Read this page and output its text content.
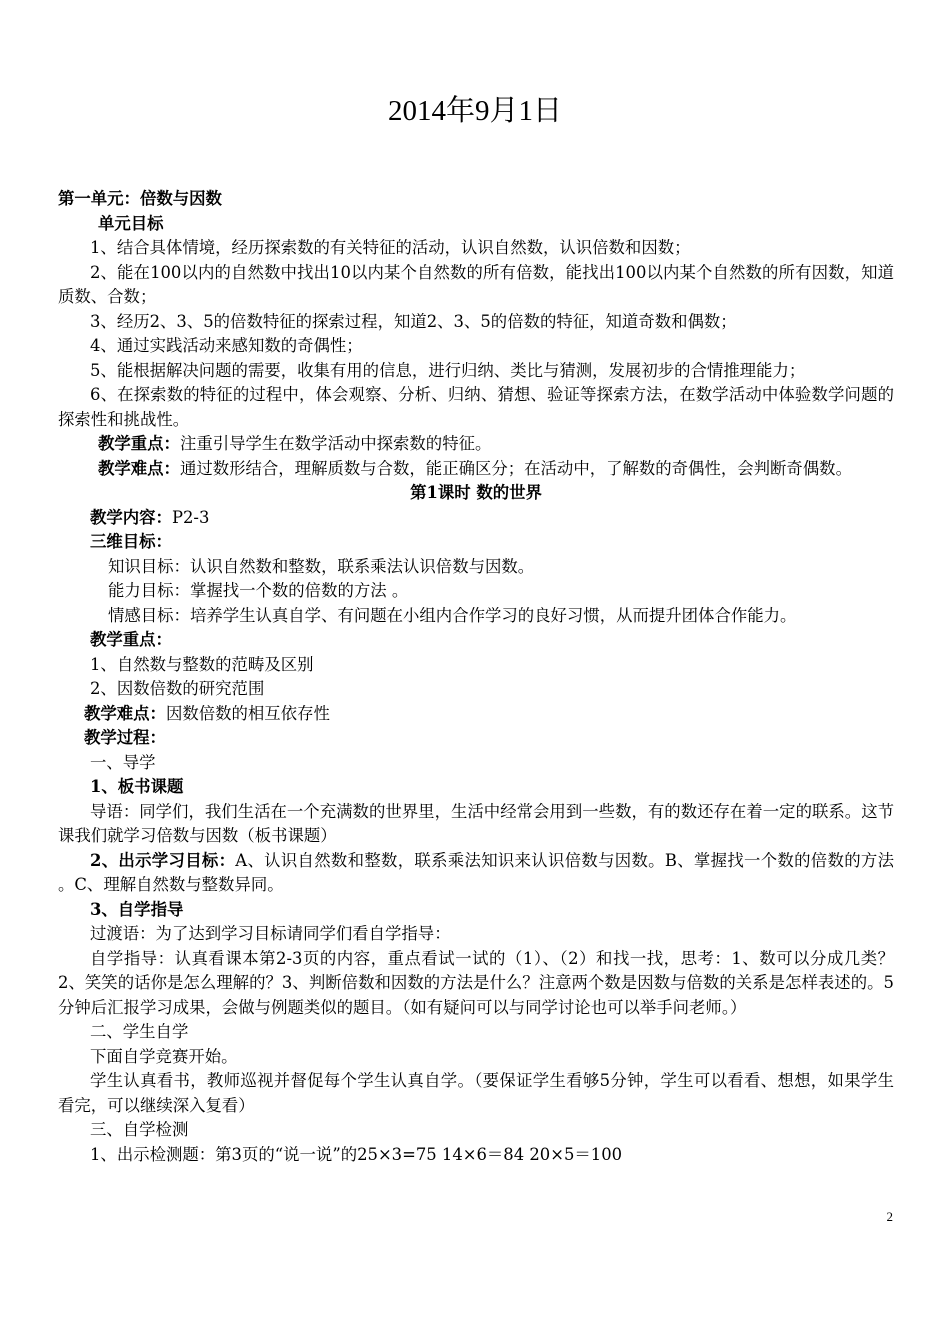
2014年9月1日
第一单元：倍数与因数
单元目标
1、结合具体情境，经历探索数的有关特征的活动，认识自然数，认识倍数和因数；
2、能在100以内的自然数中找出10以内某个自然数的所有倍数，能找出100以内某个自然数的所有因数，知道质数、合数；
3、经历2、3、5的倍数特征的探索过程，知道2、3、5的倍数的特征，知道奇数和偶数；
4、通过实践活动来感知数的奇偶性；
5、能根据解决问题的需要，收集有用的信息，进行归纳、类比与猜测，发展初步的合情推理能力；
6、在探索数的特征的过程中，体会观察、分析、归纳、猜想、验证等探索方法，在数学活动中体验数学问题的探索性和挑战性。
教学重点：注重引导学生在数学活动中探索数的特征。
教学难点：通过数形结合，理解质数与合数，能正确区分；在活动中，了解数的奇偶性，会判断奇偶数。
第1课时 数的世界
教学内容：P2-3
三维目标：
知识目标：认识自然数和整数，联系乘法认识倍数与因数。
能力目标：掌握找一个数的倍数的方法 。
情感目标：培养学生认真自学、有问题在小组内合作学习的良好习惯，从而提升团体合作能力。
教学重点：
1、自然数与整数的范畴及区别
2、因数倍数的研究范围
教学难点：因数倍数的相互依存性
教学过程：
一、导学
1、板书课题
导语：同学们，我们生活在一个充满数的世界里，生活中经常会用到一些数，有的数还存在着一定的联系。这节课我们就学习倍数与因数（板书课题）
2、出示学习目标：A、认识自然数和整数，联系乘法知识来认识倍数与因数。B、掌握找一个数的倍数的方法 。C、理解自然数与整数异同。
3、自学指导
过渡语：为了达到学习目标请同学们看自学指导：
自学指导：认真看课本第2-3页的内容，重点看试一试的（1）、（2）和找一找，思考：1、数可以分成几类？2、笑笑的话你是怎么理解的？3、判断倍数和因数的方法是什么？注意两个数是因数与倍数的关系是怎样表述的。5分钟后汇报学习成果，会做与例题类似的题目。（如有疑问可以与同学讨论也可以举手问老师。）
二、学生自学
下面自学竞赛开始。
学生认真看书，教师巡视并督促每个学生认真自学。（要保证学生看够5分钟，学生可以看看、想想，如果学生看完，可以继续深入复看）
三、自学检测
1、出示检测题：第3页的“说一说”的25×3=75 14×6＝84 20×5＝100
2
